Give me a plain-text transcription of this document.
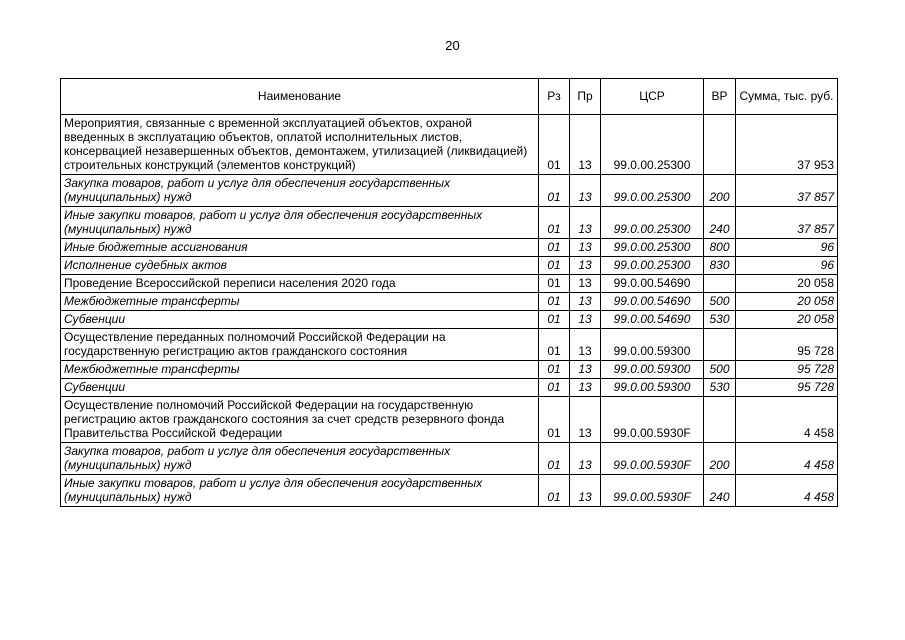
20
Наименование	Рз	Пр	ЦСР	ВР	Сумма, тыс. руб.
Мероприятия, связанные с временной эксплуатацией объектов, охраной введенных в эксплуатацию объектов, оплатой исполнительных листов, консервацией незавершенных объектов, демонтажем, утилизацией (ликвидацией) строительных конструкций (элементов конструкций)	01	13	99.0.00.25300		37 953
Закупка товаров, работ и услуг для обеспечения государственных (муниципальных) нужд	01	13	99.0.00.25300	200	37 857
Иные закупки товаров, работ и услуг для обеспечения государственных (муниципальных) нужд	01	13	99.0.00.25300	240	37 857
Иные бюджетные ассигнования	01	13	99.0.00.25300	800	96
Исполнение судебных актов	01	13	99.0.00.25300	830	96
Проведение Всероссийской переписи населения 2020 года	01	13	99.0.00.54690		20 058
Межбюджетные трансферты	01	13	99.0.00.54690	500	20 058
Субвенции	01	13	99.0.00.54690	530	20 058
Осуществление переданных полномочий Российской Федерации на государственную регистрацию актов гражданского состояния	01	13	99.0.00.59300		95 728
Межбюджетные трансферты	01	13	99.0.00.59300	500	95 728
Субвенции	01	13	99.0.00.59300	530	95 728
Осуществление полномочий Российской Федерации на государственную регистрацию актов гражданского состояния за счет средств резервного фонда Правительства Российской Федерации	01	13	99.0.00.5930F		4 458
Закупка товаров, работ и услуг для обеспечения государственных (муниципальных) нужд	01	13	99.0.00.5930F	200	4 458
Иные закупки товаров, работ и услуг для обеспечения государственных (муниципальных) нужд	01	13	99.0.00.5930F	240	4 458
